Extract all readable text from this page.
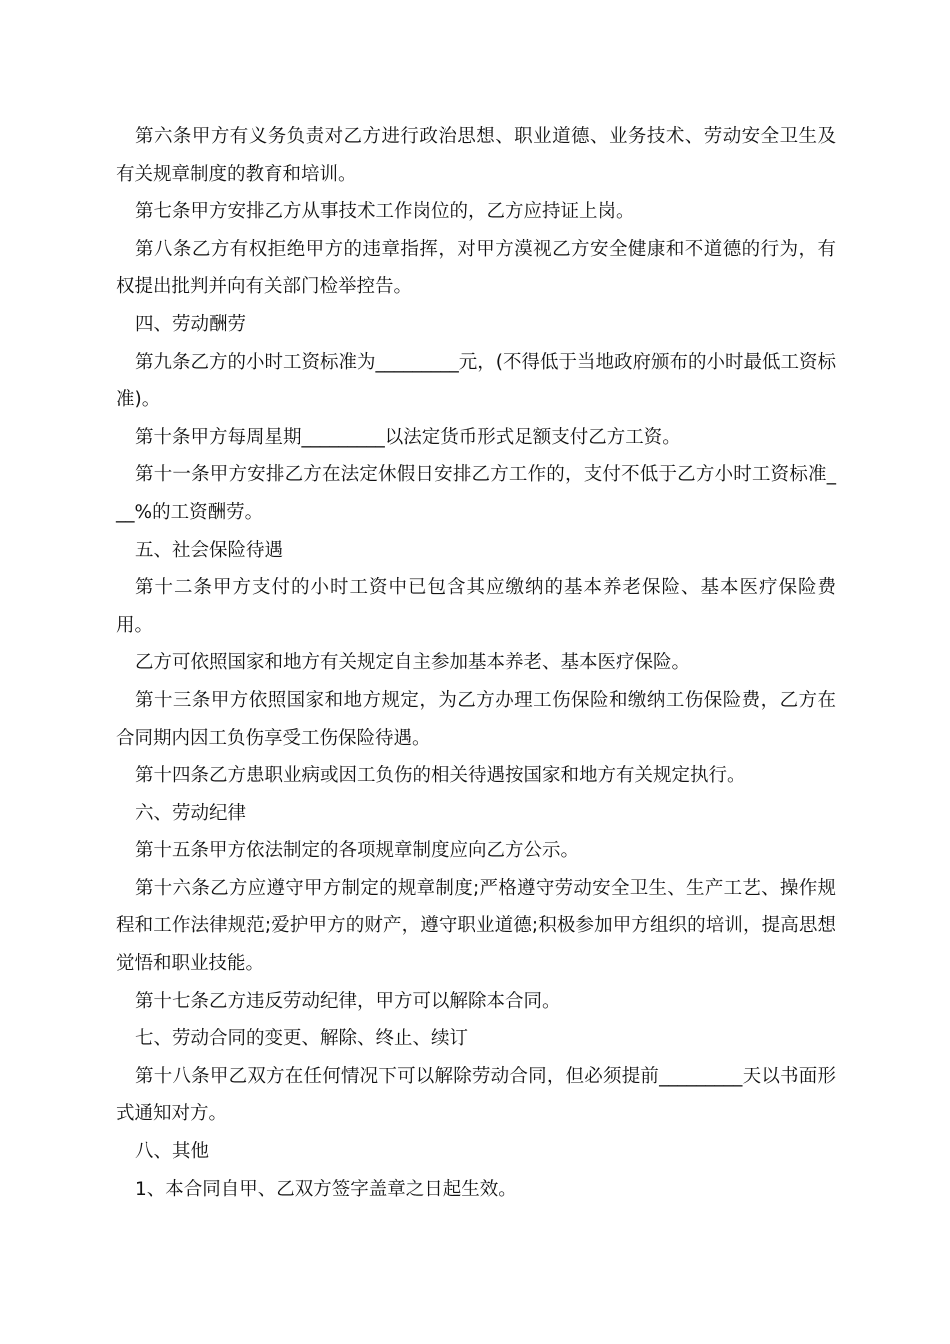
第六条甲方有义务负责对乙方进行政治思想、职业道德、业务技术、劳动安全卫生及有关规章制度的教育和培训。

第七条甲方安排乙方从事技术工作岗位的，乙方应持证上岗。

第八条乙方有权拒绝甲方的违章指挥，对甲方漠视乙方安全健康和不道德的行为，有权提出批判并向有关部门检举控告。

四、劳动酬劳

第九条乙方的小时工资标准为_________元，(不得低于当地政府颁布的小时最低工资标准)。

第十条甲方每周星期_________以法定货币形式足额支付乙方工资。

第十一条甲方安排乙方在法定休假日安排乙方工作的，支付不低于乙方小时工资标准___%的工资酬劳。

五、社会保险待遇

第十二条甲方支付的小时工资中已包含其应缴纳的基本养老保险、基本医疗保险费用。

乙方可依照国家和地方有关规定自主参加基本养老、基本医疗保险。

第十三条甲方依照国家和地方规定，为乙方办理工伤保险和缴纳工伤保险费，乙方在合同期内因工负伤享受工伤保险待遇。

第十四条乙方患职业病或因工负伤的相关待遇按国家和地方有关规定执行。

六、劳动纪律

第十五条甲方依法制定的各项规章制度应向乙方公示。

第十六条乙方应遵守甲方制定的规章制度;严格遵守劳动安全卫生、生产工艺、操作规程和工作法律规范;爱护甲方的财产，遵守职业道德;积极参加甲方组织的培训，提高思想觉悟和职业技能。

第十七条乙方违反劳动纪律，甲方可以解除本合同。

七、劳动合同的变更、解除、终止、续订

第十八条甲乙双方在任何情况下可以解除劳动合同，但必须提前_________天以书面形式通知对方。

八、其他

1、本合同自甲、乙双方签字盖章之日起生效。
